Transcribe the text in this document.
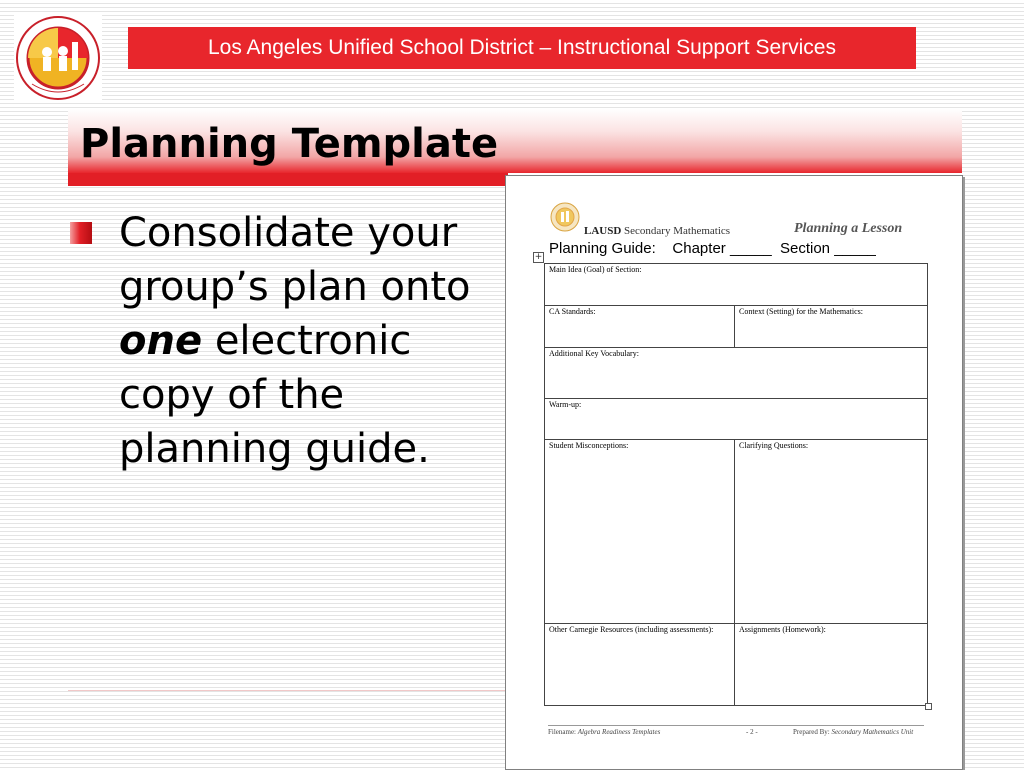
Los Angeles Unified School District – Instructional Support Services
Planning Template
Consolidate your group’s plan onto one electronic copy of the planning guide.
LAUSD Secondary Mathematics	Planning a Lesson
Planning Guide:    Chapter _____  Section _____
+
Main Idea (Goal) of Section:	
CA Standards:	Context (Setting) for the Mathematics:
Additional Key Vocabulary:	
Warm-up:	
Student Misconceptions:	Clarifying Questions:
Other Carnegie Resources (including assessments):	Assignments (Homework):
Filename: Algebra Readiness Templates	- 2 -	Prepared By: Secondary Mathematics Unit
